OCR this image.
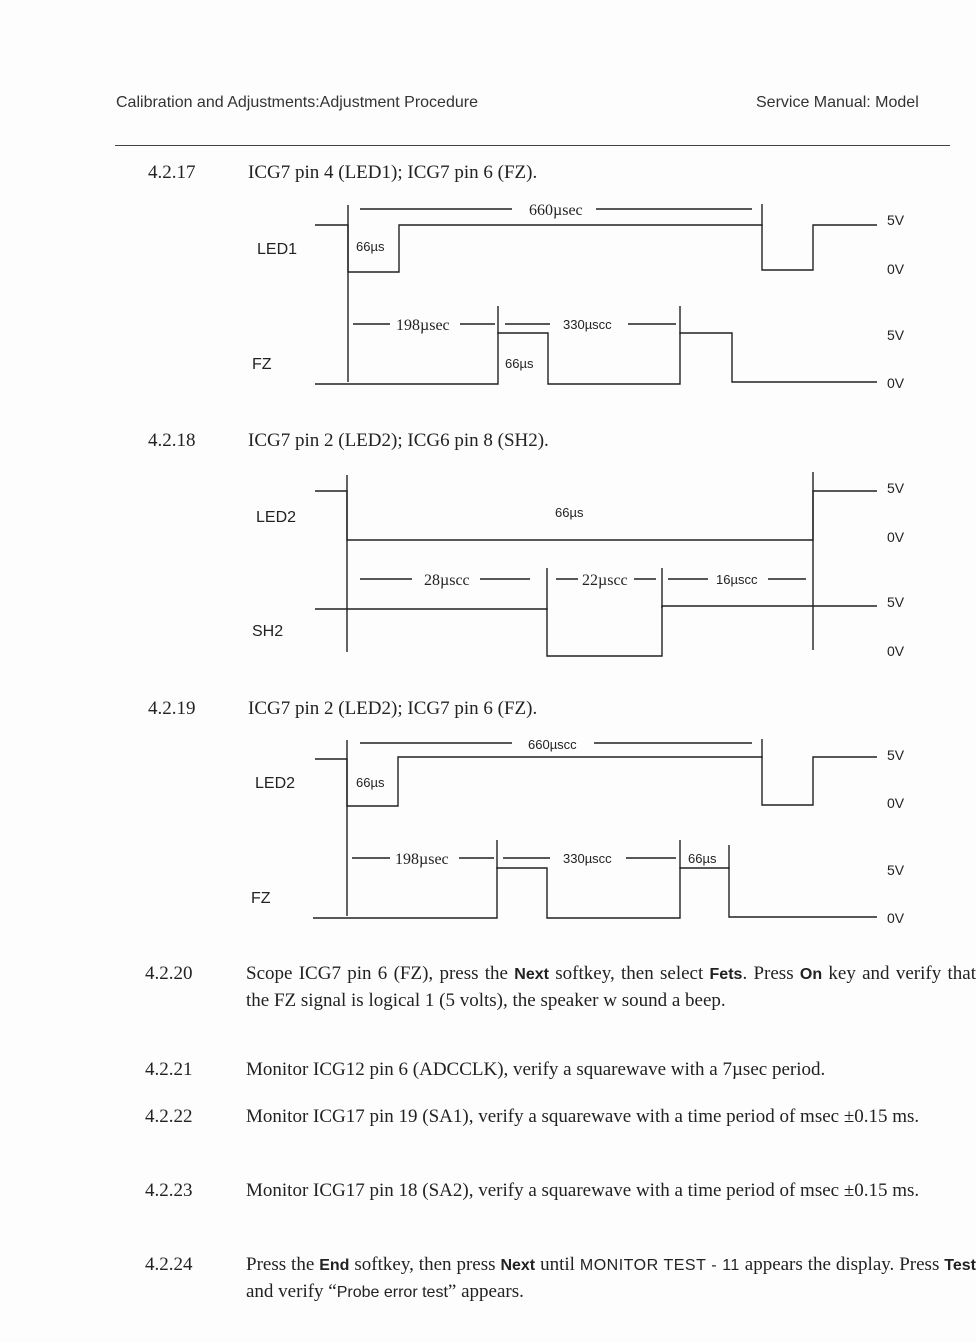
Calibration and Adjustments:Adjustment Procedure	Service Manual: Model
4.2.17	ICG7 pin 4 (LED1); ICG7 pin 6 (FZ).
4.2.18	ICG7 pin 2 (LED2); ICG6 pin 8 (SH2).
4.2.19	ICG7 pin 2 (LED2); ICG7 pin 6 (FZ).
660µsec
66µs
LED1
5V
0V
198µsec	330µscc
66µs
FZ
5V
0V
66µs
LED2
5V
0V
28µscc	22µscc	16µscc
SH2
5V
0V
660µscc
66µs
LED2
5V
0V
198µsec	330µscc	66µs
FZ
5V
0V
4.2.20	Scope ICG7 pin 6 (FZ), press the Next softkey, then select Fets. Press On key and verify that the FZ signal is logical 1 (5 volts), the speaker w sound a beep.
4.2.21	Monitor ICG12 pin 6 (ADCCLK), verify a squarewave with a 7µsec period.
4.2.22	Monitor ICG17 pin 19 (SA1), verify a squarewave with a time period of msec ±0.15 ms.
4.2.23	Monitor ICG17 pin 18 (SA2), verify a squarewave with a time period of msec ±0.15 ms.
4.2.24	Press the End softkey, then press Next until MONITOR TEST - 11 appears the display. Press Test and verify “Probe error test” appears.
